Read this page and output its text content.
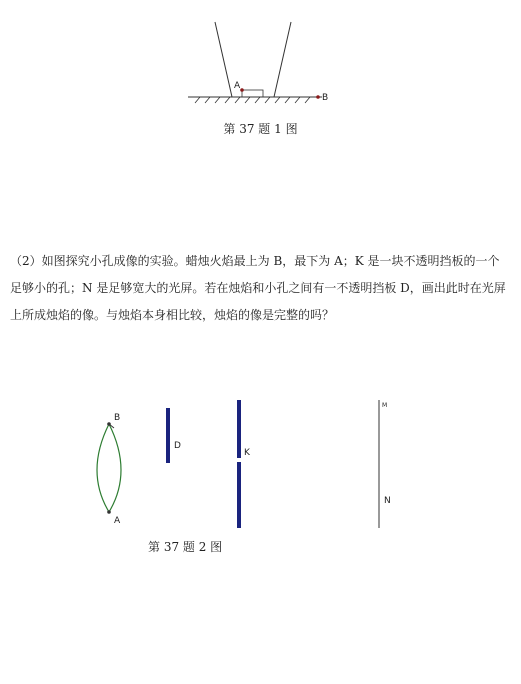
A
B
第 37 题 1 图

（2）如图探究小孔成像的实验。蜡烛火焰最上为 B，最下为 A；K 是一块不透明挡板的一个足够小的孔；N 是足够宽大的光屏。若在烛焰和小孔之间有一不透明挡板 D，画出此时在光屏上所成烛焰的像。与烛焰本身相比较，烛焰的像是完整的吗？

B
A
D
K
M
N
第 37 题 2 图
